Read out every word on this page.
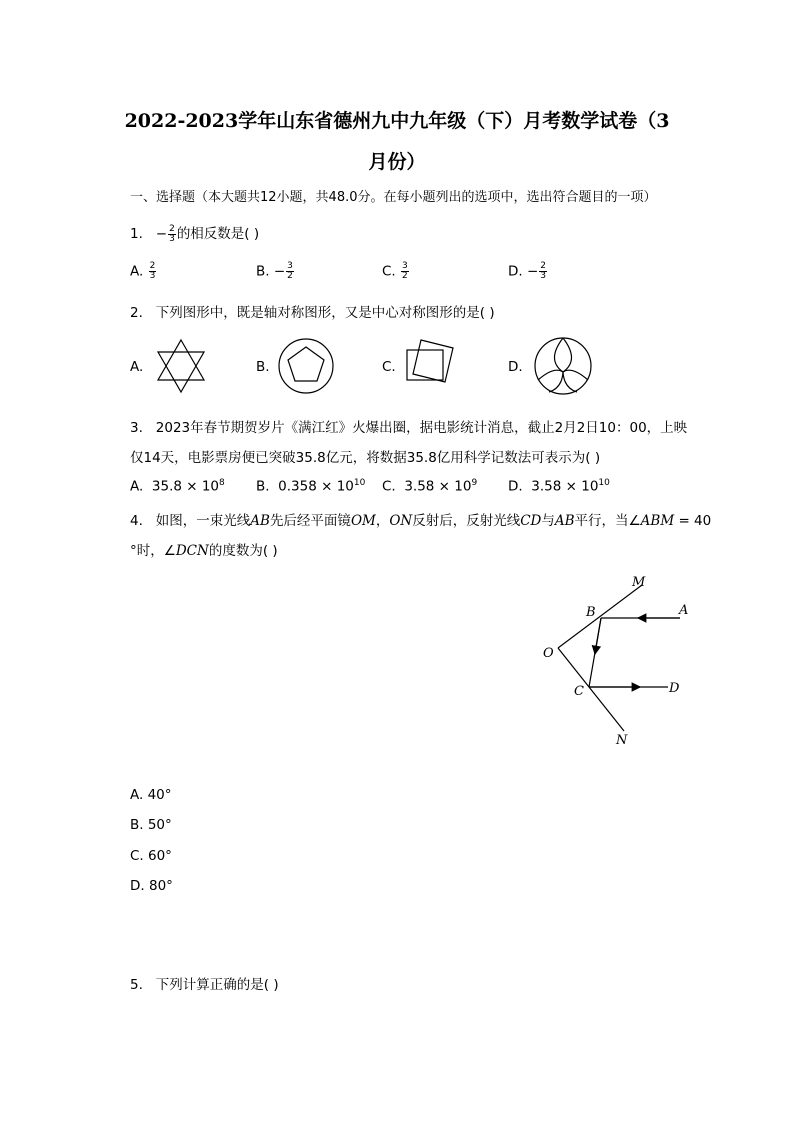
2022-2023学年山东省德州九中九年级（下）月考数学试卷（3
月份）
一、选择题（本大题共12小题，共48.0分。在每小题列出的选项中，选出符合题目的一项）
1. − $\frac{2}{3}$ 的相反数是( )
A. $\frac{2}{3}$	B. − $\frac{3}{2}$	C. $\frac{3}{2}$	D. − $\frac{2}{3}$
2. 下列图形中，既是轴对称图形，又是中心对称图形的是( )
A.	B.	C.	D.
3. 2023年春节期贺岁片《满江红》火爆出圈，据电影统计消息，截止2月2日10：00，上映
仅14天，电影票房便已突破35.8亿元，将数据35.8亿用科学记数法可表示为( )
A. $35.8 \times 10^8$ B. $0.358 \times 10^{10}$ C. $3.58 \times 10^9$ D. $3.58 \times 10^{10}$
4. 如图，一束光线AB先后经平面镜OM，ON反射后，反射光线CD与AB平行，当∠ABM = 40
°时，∠DCN的度数为( )
M
A
B
O
C	D
N
A. 40°
B. 50°
C. 60°
D. 80°
5. 下列计算正确的是( )
